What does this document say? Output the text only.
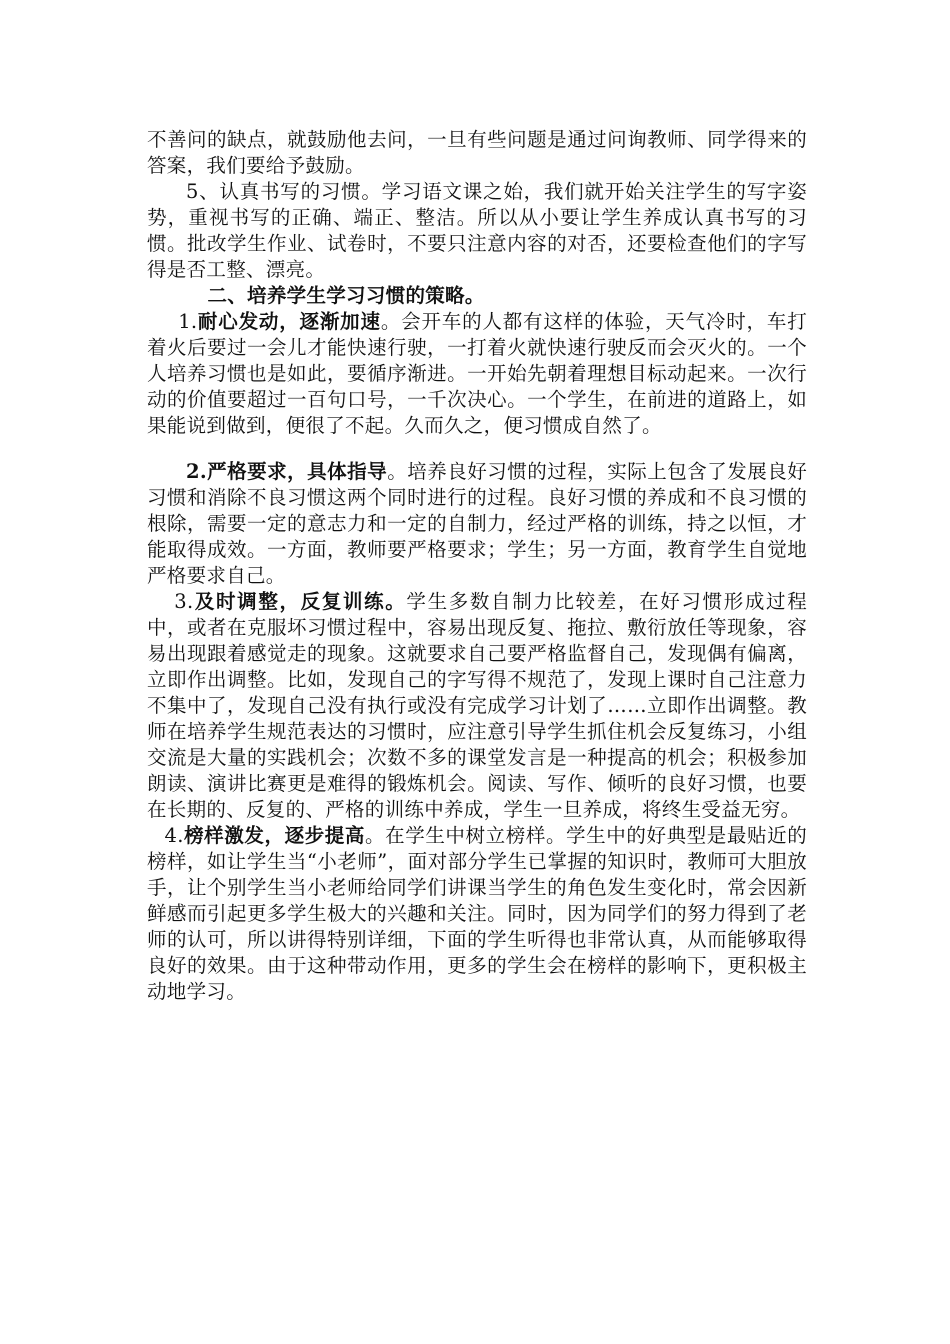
不善问的缺点，就鼓励他去问，一旦有些问题是通过问询教师、同学得来的答案，我们要给予鼓励。

5、认真书写的习惯。学习语文课之始，我们就开始关注学生的写字姿势，重视书写的正确、端正、整洁。所以从小要让学生养成认真书写的习惯。批改学生作业、试卷时，不要只注意内容的对否，还要检查他们的字写得是否工整、漂亮。

二、培养学生学习习惯的策略。

1.耐心发动，逐渐加速。会开车的人都有这样的体验，天气冷时，车打着火后要过一会儿才能快速行驶，一打着火就快速行驶反而会灭火的。一个人培养习惯也是如此，要循序渐进。一开始先朝着理想目标动起来。一次行动的价值要超过一百句口号，一千次决心。一个学生，在前进的道路上，如果能说到做到，便很了不起。久而久之，便习惯成自然了。

2.严格要求，具体指导。培养良好习惯的过程，实际上包含了发展良好习惯和消除不良习惯这两个同时进行的过程。良好习惯的养成和不良习惯的根除，需要一定的意志力和一定的自制力，经过严格的训练，持之以恒，才能取得成效。一方面，教师要严格要求；学生；另一方面，教育学生自觉地严格要求自己。

3.及时调整，反复训练。学生多数自制力比较差，在好习惯形成过程中，或者在克服坏习惯过程中，容易出现反复、拖拉、敷衍放任等现象，容易出现跟着感觉走的现象。这就要求自己要严格监督自己，发现偶有偏离，立即作出调整。比如，发现自己的字写得不规范了，发现上课时自己注意力不集中了，发现自己没有执行或没有完成学习计划了……立即作出调整。教师在培养学生规范表达的习惯时，应注意引导学生抓住机会反复练习，小组交流是大量的实践机会；次数不多的课堂发言是一种提高的机会；积极参加朗读、演讲比赛更是难得的锻炼机会。阅读、写作、倾听的良好习惯，也要在长期的、反复的、严格的训练中养成，学生一旦养成，将终生受益无穷。

4.榜样激发，逐步提高。在学生中树立榜样。学生中的好典型是最贴近的榜样，如让学生当“小老师”，面对部分学生已掌握的知识时，教师可大胆放手，让个别学生当小老师给同学们讲课当学生的角色发生变化时，常会因新鲜感而引起更多学生极大的兴趣和关注。同时，因为同学们的努力得到了老师的认可，所以讲得特别详细，下面的学生听得也非常认真，从而能够取得良好的效果。由于这种带动作用，更多的学生会在榜样的影响下，更积极主动地学习。
